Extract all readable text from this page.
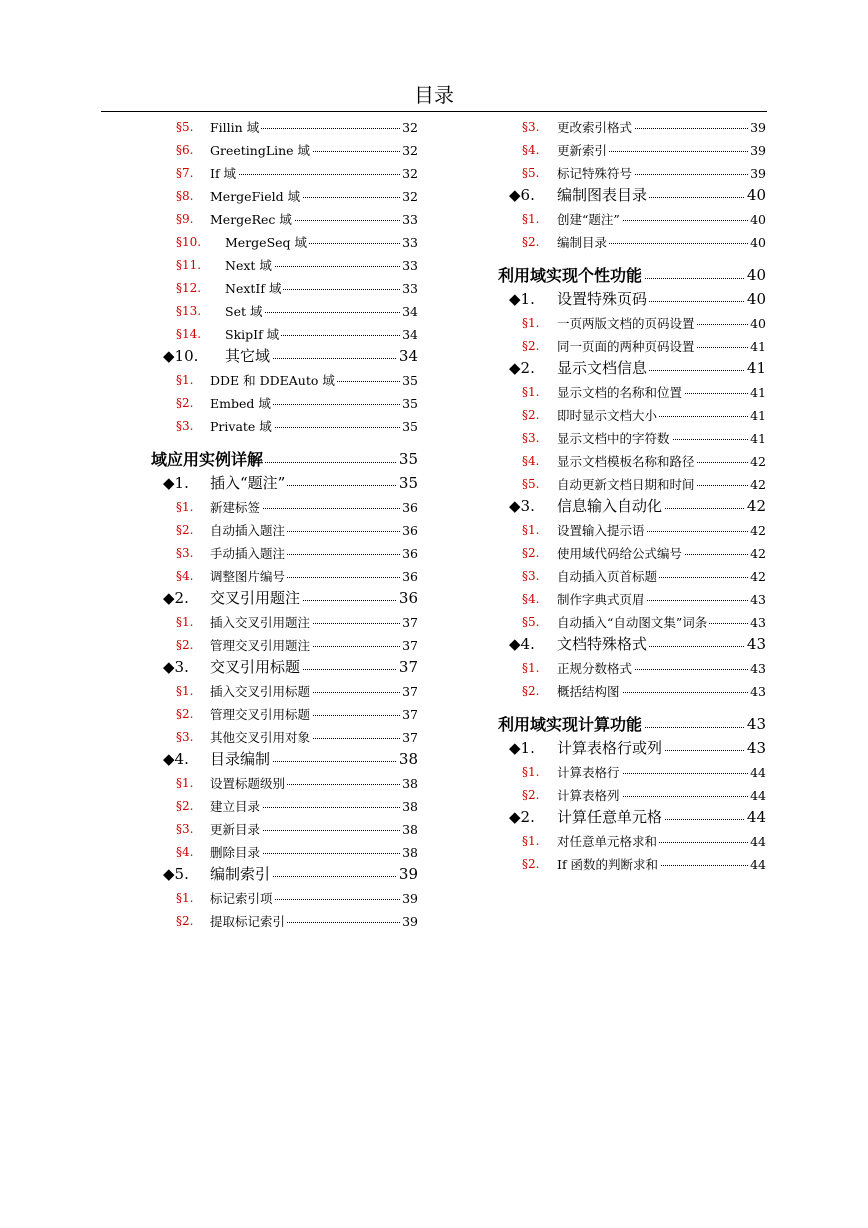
目录
§5. Fillin 域	32
§6. GreetingLine 域	32
§7. If 域	32
§8. MergeField 域	32
§9. MergeRec 域	33
§10. MergeSeq 域	33
§11. Next 域	33
§12. NextIf 域	33
§13. Set 域	34
§14. SkipIf 域	34
◆10. 其它域	34
§1. DDE 和 DDEAuto 域	35
§2. Embed 域	35
§3. Private 域	35
域应用实例详解	35
◆1. 插入“题注”	35
§1. 新建标签	36
§2. 自动插入题注	36
§3. 手动插入题注	36
§4. 调整图片编号	36
◆2. 交叉引用题注	36
§1. 插入交叉引用题注	37
§2. 管理交叉引用题注	37
◆3. 交叉引用标题	37
§1. 插入交叉引用标题	37
§2. 管理交叉引用标题	37
§3. 其他交叉引用对象	37
◆4. 目录编制	38
§1. 设置标题级别	38
§2. 建立目录	38
§3. 更新目录	38
§4. 删除目录	38
◆5. 编制索引	39
§1. 标记索引项	39
§2. 提取标记索引	39
§3. 更改索引格式	39
§4. 更新索引	39
§5. 标记特殊符号	39
◆6. 编制图表目录	40
§1. 创建“题注”	40
§2. 编制目录	40
利用域实现个性功能	40
◆1. 设置特殊页码	40
§1. 一页两版文档的页码设置	40
§2. 同一页面的两种页码设置	41
◆2. 显示文档信息	41
§1. 显示文档的名称和位置	41
§2. 即时显示文档大小	41
§3. 显示文档中的字符数	41
§4. 显示文档模板名称和路径	42
§5. 自动更新文档日期和时间	42
◆3. 信息输入自动化	42
§1. 设置输入提示语	42
§2. 使用域代码给公式编号	42
§3. 自动插入页首标题	42
§4. 制作字典式页眉	43
§5. 自动插入“自动图文集”词条	43
◆4. 文档特殊格式	43
§1. 正规分数格式	43
§2. 概括结构图	43
利用域实现计算功能	43
◆1. 计算表格行或列	43
§1. 计算表格行	44
§2. 计算表格列	44
◆2. 计算任意单元格	44
§1. 对任意单元格求和	44
§2. If 函数的判断求和	44
